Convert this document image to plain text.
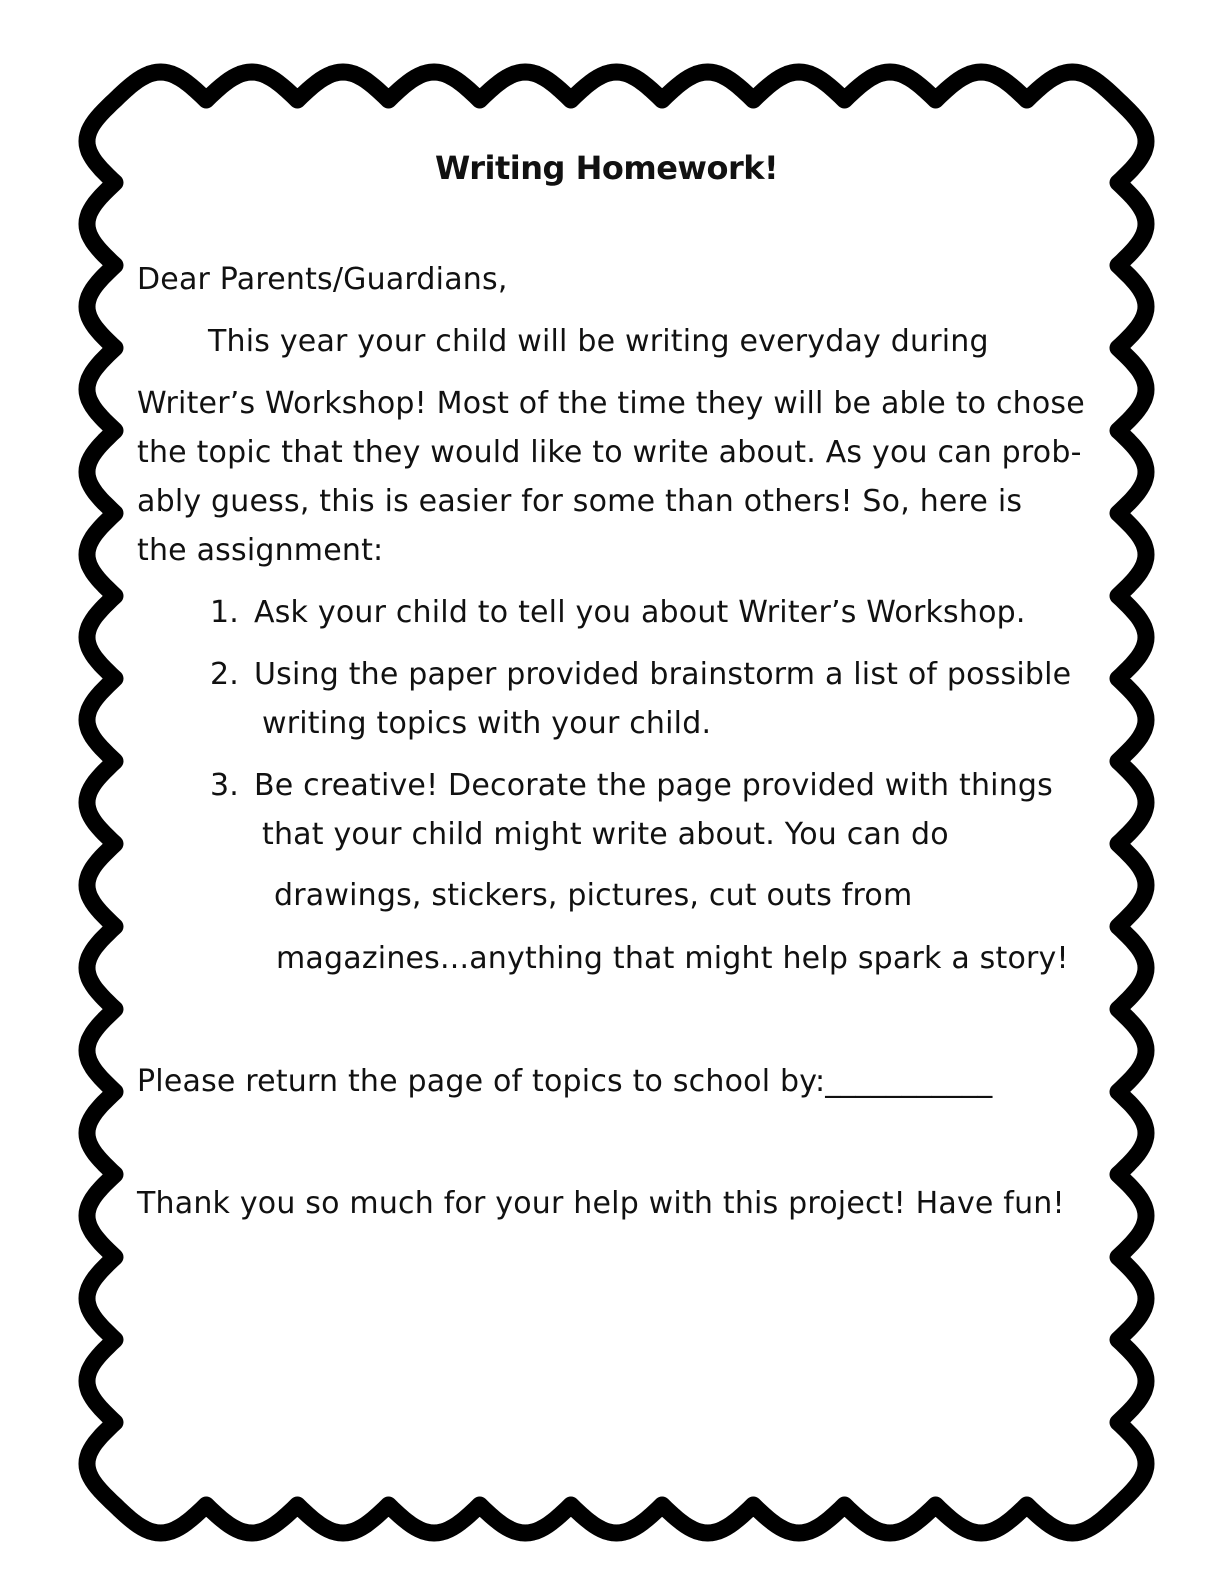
Writing Homework!
Dear Parents/Guardians,
This year your child will be writing everyday during
Writer’s Workshop! Most of the time they will be able to chose
the topic that they would like to write about. As you can prob-
ably guess, this is easier for some than others! So, here is
the assignment:
1. Ask your child to tell you about Writer’s Workshop.
2. Using the paper provided brainstorm a list of possible
writing topics with your child.
3. Be creative! Decorate the page provided with things
that your child might write about. You can do
drawings, stickers, pictures, cut outs from
magazines...anything that might help spark a story!
Please return the page of topics to school by:___________
Thank you so much for your help with this project! Have fun!
